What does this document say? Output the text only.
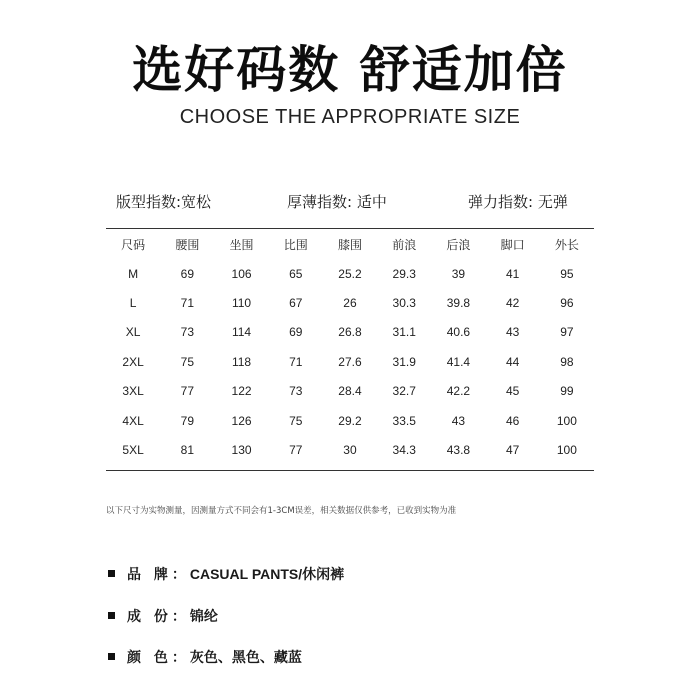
选好码数 舒适加倍
CHOOSE THE APPROPRIATE SIZE
版型指数:宽松	厚薄指数: 适中	弹力指数: 无弹
尺码	腰围	坐围	比围	膝围	前浪	后浪	脚口	外长
M	69	106	65	25.2	29.3	39	41	95
L	71	110	67	26	30.3	39.8	42	96
XL	73	114	69	26.8	31.1	40.6	43	97
2XL	75	118	71	27.6	31.9	41.4	44	98
3XL	77	122	73	28.4	32.7	42.2	45	99
4XL	79	126	75	29.2	33.5	43	46	100
5XL	81	130	77	30	34.3	43.8	47	100
以下尺寸为实物测量，因测量方式不同会有1-3CM误差，相关数据仅供参考，已收到实物为准
品 牌：CASUAL PANTS/休闲裤
成 份：锦纶
颜 色：灰色、黑色、藏蓝
